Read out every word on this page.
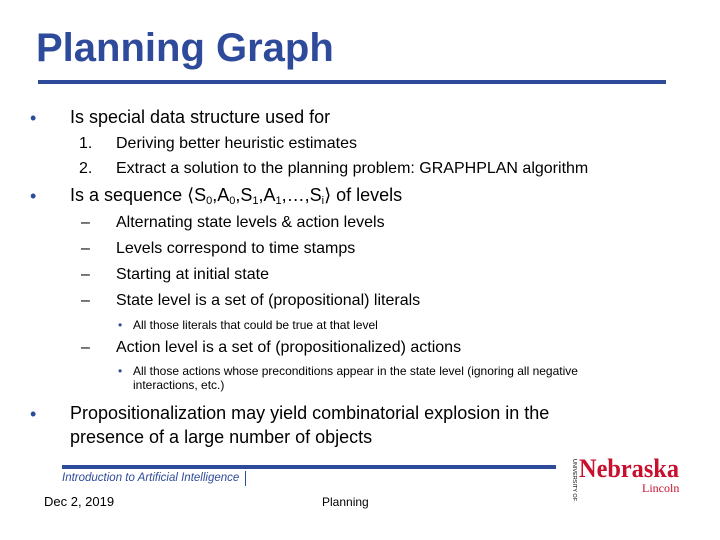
Planning Graph
• Is special data structure used for
1. Deriving better heuristic estimates
2. Extract a solution to the planning problem: GRAPHPLAN algorithm
• Is a sequence $⟨S_0,A_0,S_1,A_1,\dots,S_i⟩$ of levels
– Alternating state levels & action levels
– Levels correspond to time stamps
– Starting at initial state
– State level is a set of (propositional) literals
• All those literals that could be true at that level
– Action level is a set of (propositionalized) actions
• All those actions whose preconditions appear in the state level (ignoring all negative
interactions, etc.)
• Propositionalization may yield combinatorial explosion in the
presence of a large number of objects
Introduction to Artificial Intelligence
Dec 2, 2019	Planning
UNIVERSITY OF Nebraska
Lincoln
